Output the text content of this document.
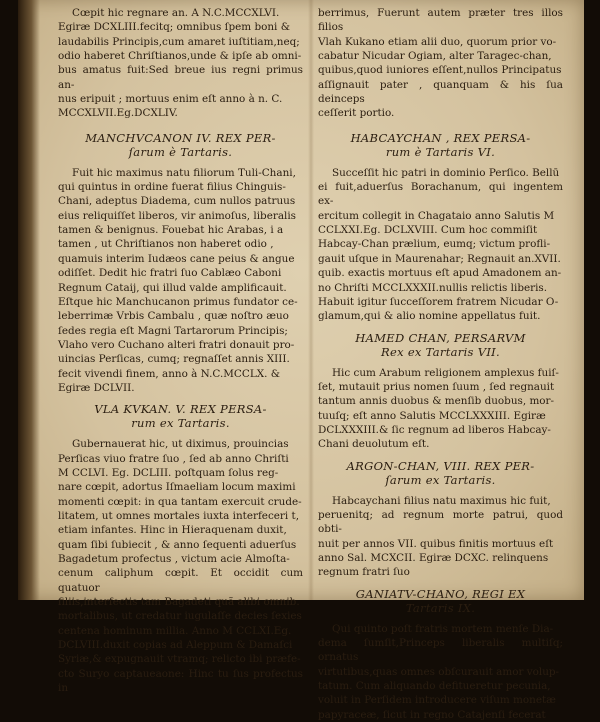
Cœpit hic regnare an. A N.C.MCCXLVI.

Egiræ DCXLIII.fecitq; omnibus ſpem boni &

laudabilis Principis,cum amaret iuſtitiam,neq;

odio haberet Chriſtianos,unde & ipſe ab omni-

bus amatus fuit:Sed breue ius regni primus an-

nus eripuit ; mortuus enim eſt anno à n. C.

MCCXLVII.Eg.DCXLIV.

MANCHVCANON IV. REX PER-
ſarum è Tartaris.

Fuit hic maximus natu filiorum Tuli-Chani,

qui quintus in ordine fuerat filius Chinguis-

Chani, adeptus Diadema, cum nullos patruus

eius reliquiſſet liberos, vir animoſus, liberalis

tamen & benignus. Fouebat hic Arabas, i a

tamen , ut Chriſtianos non haberet odio ,

quamuis interim Iudæos cane peius & angue

odiſſet. Dedit hic fratri ſuo Cablæo Caboni

Regnum Cataij, qui illud valde amplificauit.

Eſtque hic Manchucanon primus fundator ce-

leberrimæ Vrbis Cambalu , quæ noſtro æuo

ſedes regia eſt Magni Tartarorum Principis;

Vlaho vero Cuchano alteri fratri donauit pro-

uincias Perſicas, cumq; regnaſſet annis XIII.

fecit vivendi finem, anno à N.C.MCCLX. &

Egiræ DCLVII.

VLA KVKAN. V. REX PERSA-
rum ex Tartaris.

Gubernauerat hic, ut diximus, prouincias

Perſicas viuo fratre ſuo , ſed ab anno Chriſti

M CCLVI. Eg. DCLIII. poſtquam ſolus reg-

nare cœpit, adortus Iſmaeliam locum maximi

momenti cœpit: in qua tantam exercuit crude-

litatem, ut omnes mortales iuxta interfeceri t,

etiam infantes. Hinc in Hieraquenam duxit,

quam ſibi ſubiecit , & anno ſequenti aduerſus

Bagadetum profectus , victum acie Almoſta-

cenum caliphum cœpit. Et occidit cum quatuor

filiis,interfectis tam Bagadeti quã alibi omnib.

mortalibus, ut credatur iugulaſſe decies ſexies

centena hominum millia. Anno M CCLXI.Eg.

DCLVIII.duxit copias ad Aleppum & Damaſci

Syriæ,& expugnauit vtramq; relicto ibi præfe-

cto Suryo captaueaone: Hinc tu ſus profectus in

berrimus, Fuerunt autem præter tres illos filios

Vlah Kukano etiam alii duo, quorum prior vo-

cabatur Nicudar Ogiam, alter Taragec-chan,

quibus,quod iuniores eſſent,nullos Principatus

aſſignauit pater , quanquam & his ſua deinceps

ceſſerit portio.

HABCAYCHAN , REX PERSA-
rum è Tartaris VI.

Succeſſit hic patri in dominio Perſico. Bellū

ei fuit,aduerſus Borachanum, qui ingentem ex-

ercitum collegit in Chagataio anno Salutis M

CCLXXI.Eg. DCLXVIII. Cum hoc commiſit

Habcay-Chan prælium, eumq; victum profli-

gauit uſque in Maurenahar; Regnauit an.XVII.

quib. exactis mortuus eſt apud Amadonem an-

no Chriſti MCCLXXXII.nullis relictis liberis.

Habuit igitur ſucceſſorem fratrem Nicudar O-

glamum,qui & alio nomine appellatus fuit.

HAMED CHAN, PERSARVM
Rex ex Tartaris VII.

Hic cum Arabum religionem amplexus fuiſ-

ſet, mutauit prius nomen ſuum , ſed regnauit

tantum annis duobus & menſib duobus, mor-

tuuſq; eſt anno Salutis MCCLXXXIII. Egiræ

DCLXXXIII.& ſic regnum ad liberos Habcay-

Chani deuolutum eſt.

ARGON-CHAN, VIII. REX PER-
ſarum ex Tartaris.

Habcaychani filius natu maximus hic fuit,

peruenitq; ad regnum morte patrui, quod obti-

nuit per annos VII. quibus finitis mortuus eſt

anno Sal. MCXCII. Egiræ DCXC. relinquens

regnum fratri ſuo

GANIATV-CHANO, REGI EX
Tartaris IX.

Qui quinto poſt fratris mortem menſe Dia-

dema ſumſit,Princeps liberalis multiſq; ornatus

virtutibus,quas omnes obſcurauit amor volup-

tatum. Cum aliquando defitueretur pecunia,

voluit in Perſidem introducere viſum monetæ

papyraceæ, ſicut in regno Catajenſi fecerat
